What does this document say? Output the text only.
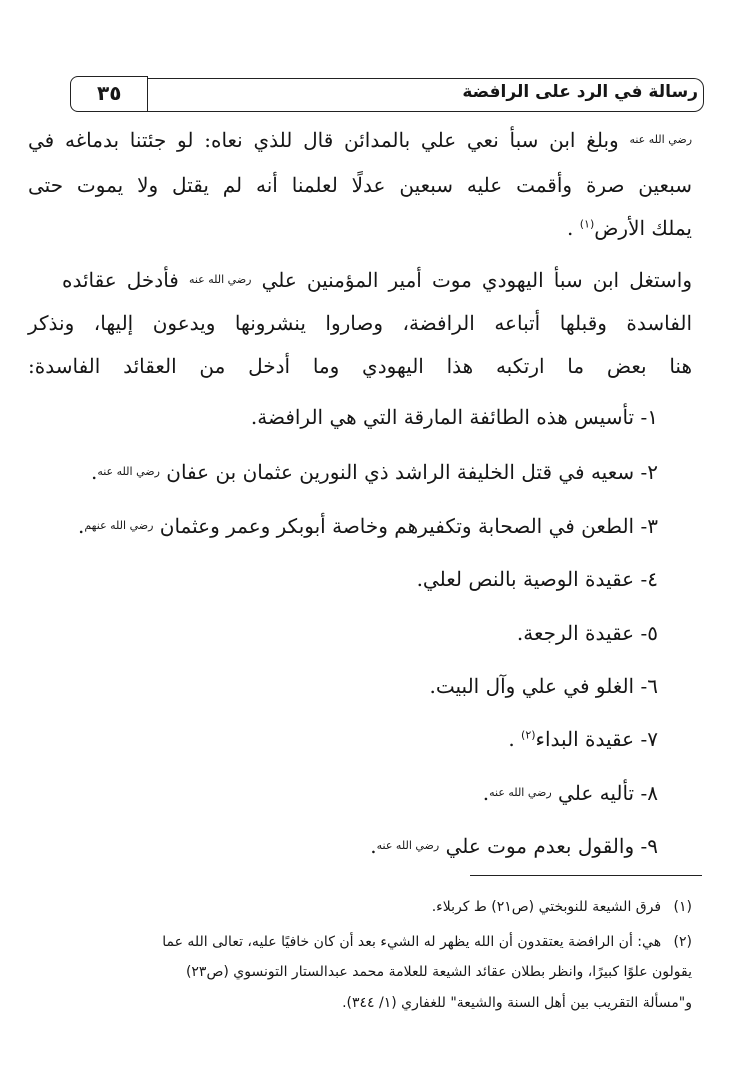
رسالة في الرد على الرافضة
٣٥
رضي الله عنه وبلغ ابن سبأ نعي علي بالمدائن قال للذي نعاه: لو جئتنا بدماغه في
سبعين صرة وأقمت عليه سبعين عدلًا لعلمنا أنه لم يقتل ولا يموت حتى
يملك الأرض$^{(١)}$ .
واستغل ابن سبأ اليهودي موت أمير المؤمنين علي رضي الله عنه فأدخل عقائده
الفاسدة وقبلها أتباعه الرافضة، وصاروا ينشرونها ويدعون إليها، ونذكر
هنا بعض ما ارتكبه هذا اليهودي وما أدخل من العقائد الفاسدة:
١- تأسيس هذه الطائفة المارقة التي هي الرافضة.
٢- سعيه في قتل الخليفة الراشد ذي النورين عثمان بن عفان رضي الله عنه.
٣- الطعن في الصحابة وتكفيرهم وخاصة أبوبكر وعمر وعثمان رضي الله عنهم.
٤- عقيدة الوصية بالنص لعلي.
٥- عقيدة الرجعة.
٦- الغلو في علي وآل البيت.
٧- عقيدة البداء$^{(٢)}$ .
٨- تأليه علي رضي الله عنه.
٩- والقول بعدم موت علي رضي الله عنه.
(١) فرق الشيعة للنوبختي (ص٢١) ط كربلاء.
(٢) هي: أن الرافضة يعتقدون أن الله يظهر له الشيء بعد أن كان خافيًا عليه، تعالى الله عما
يقولون علوًا كبيرًا، وانظر بطلان عقائد الشيعة للعلامة محمد عبدالستار التونسوي (ص٢٣)
و"مسألة التقريب بين أهل السنة والشيعة" للغفاري (١/ ٣٤٤).
